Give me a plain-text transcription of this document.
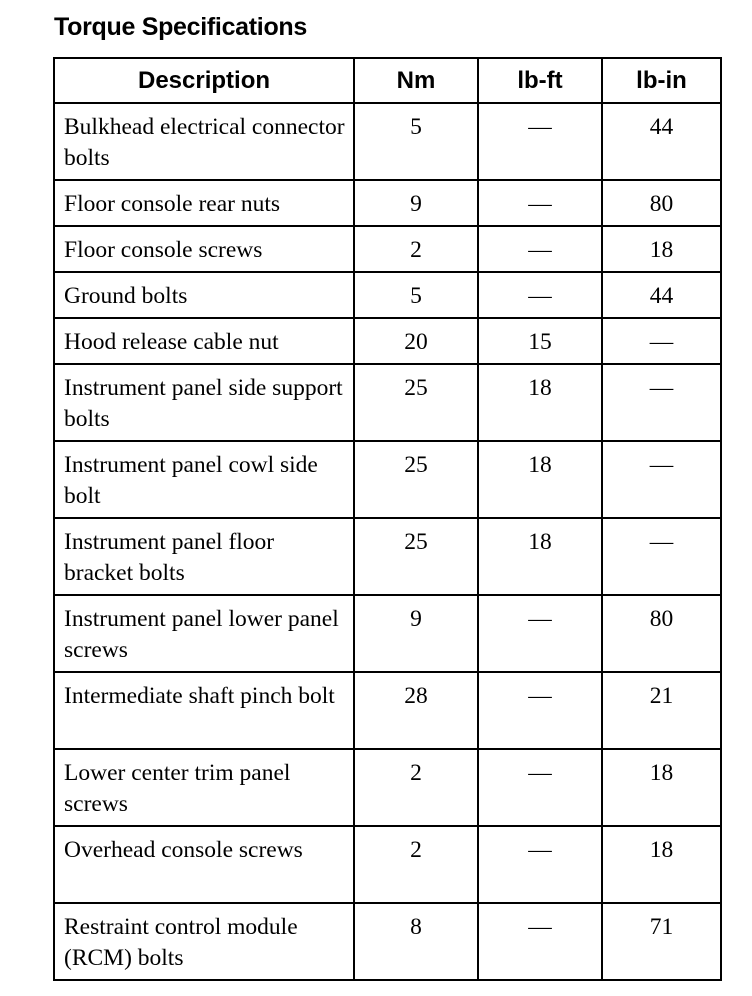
Torque Specifications
Description	Nm	lb-ft	lb-in
Bulkhead electrical connector bolts	5	—	44
Floor console rear nuts	9	—	80
Floor console screws	2	—	18
Ground bolts	5	—	44
Hood release cable nut	20	15	—
Instrument panel side support bolts	25	18	—
Instrument panel cowl side bolt	25	18	—
Instrument panel floor bracket bolts	25	18	—
Instrument panel lower panel screws	9	—	80
Intermediate shaft pinch bolt	28	—	21
Lower center trim panel screws	2	—	18
Overhead console screws	2	—	18
Restraint control module (RCM) bolts	8	—	71
